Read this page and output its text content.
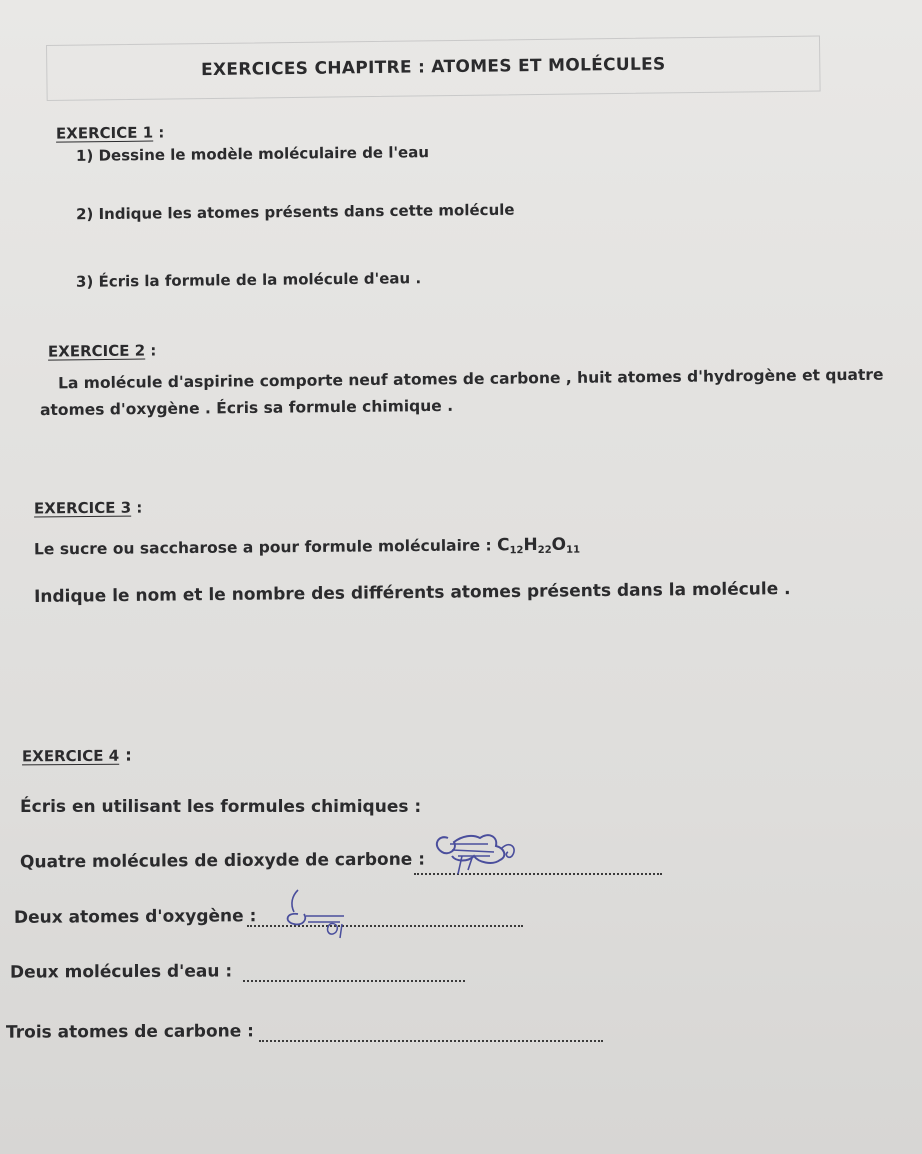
EXERCICES CHAPITRE : ATOMES ET MOLÉCULES
EXERCICE 1 :
1) Dessine le modèle moléculaire de l'eau
2) Indique les atomes présents dans cette molécule
3) Écris la formule de la molécule d'eau .
EXERCICE 2 :
La molécule d'aspirine comporte neuf atomes de carbone , huit atomes d'hydrogène et quatre
atomes d'oxygène . Écris sa formule chimique .
EXERCICE 3 :
Le sucre ou saccharose a pour formule moléculaire : $C_{12}H_{22}O_{11}$
Indique le nom et le nombre des différents atomes présents dans la molécule .
EXERCICE 4 :
Écris en utilisant les formules chimiques :
Quatre molécules de dioxyde de carbone :
Deux atomes d'oxygène :
Deux molécules d'eau :
Trois atomes de carbone :
